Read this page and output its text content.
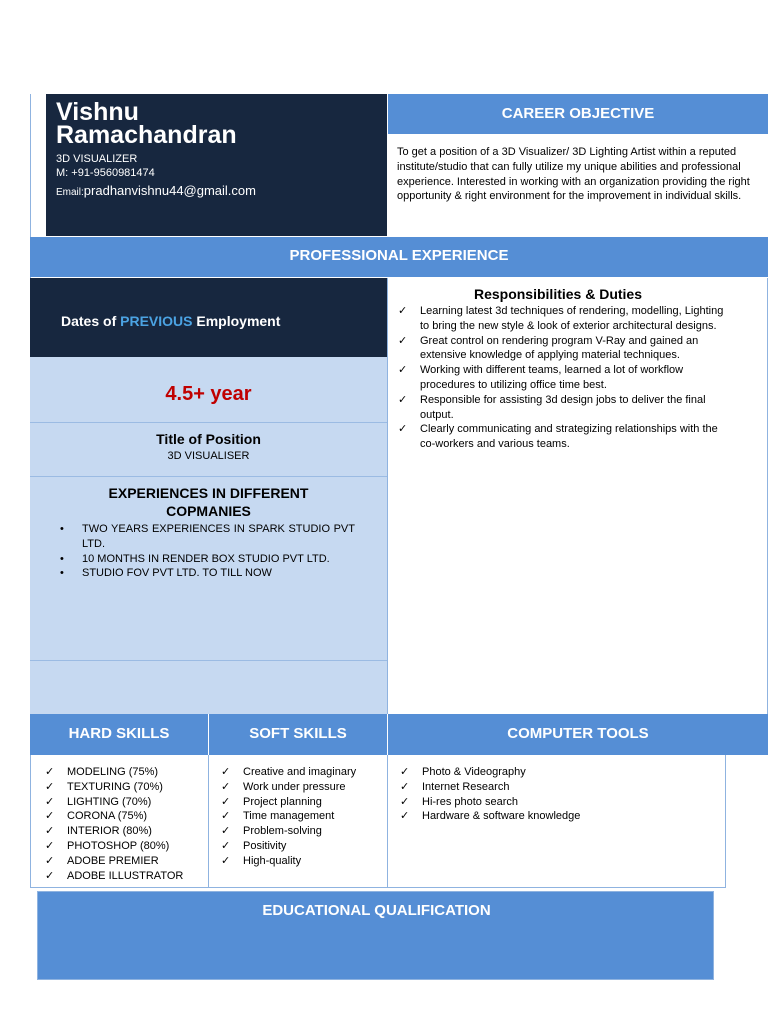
Vishnu
Ramachandran
3D VISUALIZER
M: +91-9560981474
Email:pradhanvishnu44@gmail.com
CAREER OBJECTIVE
To get a position of a 3D Visualizer/ 3D Lighting Artist within a reputed institute/studio that can fully utilize my unique abilities and professional experience. Interested in working with an organization providing the right opportunity & right environment for the improvement in individual skills.
PROFESSIONAL EXPERIENCE
Dates of PREVIOUS Employment
4.5+ year
Title of Position
3D VISUALISER
EXPERIENCES IN DIFFERENT
COPMANIES
• TWO YEARS EXPERIENCES IN SPARK STUDIO PVT LTD.
• 10 MONTHS IN RENDER BOX STUDIO PVT LTD.
• STUDIO FOV PVT LTD. TO TILL NOW
Responsibilities & Duties
✓ Learning latest 3d techniques of rendering, modelling, Lighting to bring the new style & look of exterior architectural designs.
✓ Great control on rendering program V-Ray and gained an extensive knowledge of applying material techniques.
✓ Working with different teams, learned a lot of workflow procedures to utilizing office time best.
✓ Responsible for assisting 3d design jobs to deliver the final output.
✓ Clearly communicating and strategizing relationships with the co-workers and various teams.
HARD SKILLS	SOFT SKILLS	COMPUTER TOOLS
✓ MODELING (75%)
✓ TEXTURING (70%)
✓ LIGHTING (70%)
✓ CORONA (75%)
✓ INTERIOR (80%)
✓ PHOTOSHOP (80%)
✓ ADOBE PREMIER
✓ ADOBE ILLUSTRATOR
✓ Creative and imaginary
✓ Work under pressure
✓ Project planning
✓ Time management
✓ Problem-solving
✓ Positivity
✓ High-quality
✓ Photo & Videography
✓ Internet Research
✓ Hi-res photo search
✓ Hardware & software knowledge
EDUCATIONAL QUALIFICATION
